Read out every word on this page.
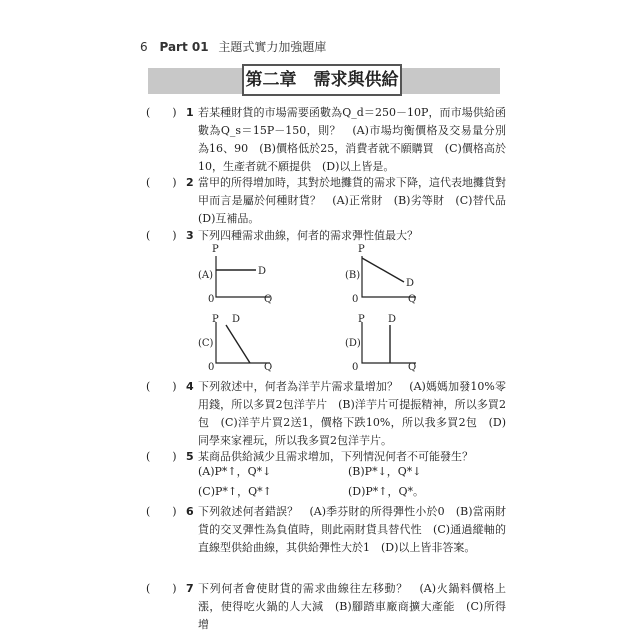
6 Part 01 主題式實力加強題庫
第二章　需求與供給
(　　) 1 若某種財貨的市場需要函數為Q_d＝250－10P，而市場供給函數為Q_s＝15P－150，則？　(A)市場均衡價格及交易量分別為16、90　(B)價格低於25，消費者就不願購買　(C)價格高於10，生產者就不願提供　(D)以上皆是。
(　　) 2 當甲的所得增加時，其對於地攤貨的需求下降，這代表地攤貨對甲而言是屬於何種財貨？　(A)正常財　(B)劣等財　(C)替代品　(D)互補品。
(　　) 3 下列四種需求曲線，何者的需求彈性值最大？
P
(A)
0	Q
D
P
(B)
0	Q
D
P D
(C)
0	Q
P D
(D)
0	Q
(　　) 4 下列敘述中，何者為洋芋片需求量增加？　(A)媽媽加發10%零用錢，所以多買2包洋芋片　(B)洋芋片可提振精神，所以多買2包　(C)洋芋片買2送1，價格下跌10%，所以我多買2包　(D)同學來家裡玩，所以我多買2包洋芋片。
(　　) 5 某商品供給減少且需求增加，下列情況何者不可能發生？
(A)P*↑，Q*↓	(B)P*↓，Q*↓
(C)P*↑，Q*↑	(D)P*↑，Q*。
(　　) 6 下列敘述何者錯誤？　(A)季芬財的所得彈性小於0　(B)當兩財貨的交叉彈性為負值時，則此兩財貨具替代性　(C)通過縱軸的直線型供給曲線，其供給彈性大於1　(D)以上皆非答案。
(　　) 7 下列何者會使財貨的需求曲線往左移動？　(A)火鍋料價格上漲，使得吃火鍋的人大減　(B)腳踏車廠商擴大產能　(C)所得增
